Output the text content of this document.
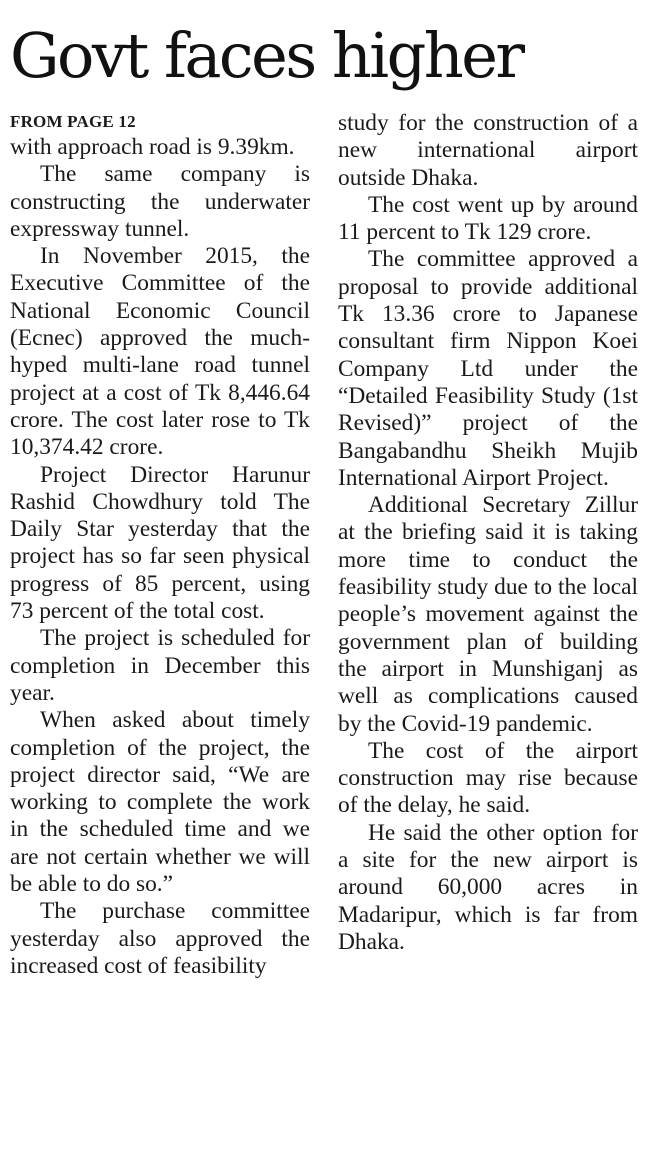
Govt faces higher
FROM PAGE 12

with approach road is 9.39km.

The same company is constructing the underwater expressway tunnel.

In November 2015, the Executive Committee of the National Economic Council (Ecnec) approved the much-hyped multi-lane road tunnel project at a cost of Tk 8,446.64 crore. The cost later rose to Tk 10,374.42 crore.

Project Director Harunur Rashid Chowdhury told The Daily Star yesterday that the project has so far seen physical progress of 85 percent, using 73 percent of the total cost.

The project is scheduled for completion in December this year.

When asked about timely completion of the project, the project director said, “We are working to complete the work in the scheduled time and we are not certain whether we will be able to do so.”

The purchase committee yesterday also approved the increased cost of feasibility

study for the construction of a new international airport outside Dhaka.

The cost went up by around 11 percent to Tk 129 crore.

The committee approved a proposal to provide additional Tk 13.36 crore to Japanese consultant firm Nippon Koei Company Ltd under the “Detailed Feasibility Study (1st Revised)” project of the Bangabandhu Sheikh Mujib International Airport Project.

Additional Secretary Zillur at the briefing said it is taking more time to conduct the feasibility study due to the local people’s movement against the government plan of building the airport in Munshiganj as well as complications caused by the Covid-19 pandemic.

The cost of the airport construction may rise because of the delay, he said.

He said the other option for a site for the new airport is around 60,000 acres in Madaripur, which is far from Dhaka.
